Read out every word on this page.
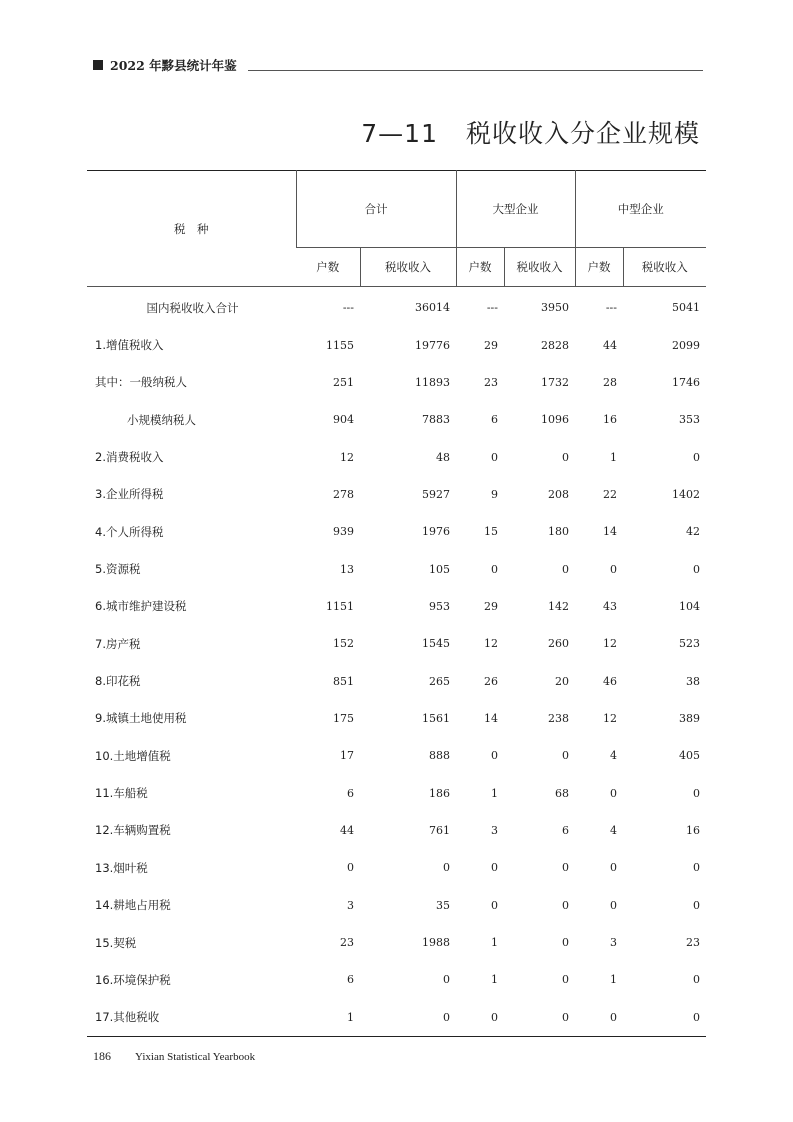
2022 年黟县统计年鉴
7—11 税收收入分企业规模
税　种	合计		大型企业		中型企业	
	户数	税收收入	户数	税收收入	户数	税收收入
国内税收收入合计	---	36014	---	3950	---	5041
1.增值税收入	1155	19776	29	2828	44	2099
其中：一般纳税人	251	11893	23	1732	28	1746
小规模纳税人	904	7883	6	1096	16	353
2.消费税收入	12	48	0	0	1	0
3.企业所得税	278	5927	9	208	22	1402
4.个人所得税	939	1976	15	180	14	42
5.资源税	13	105	0	0	0	0
6.城市维护建设税	1151	953	29	142	43	104
7.房产税	152	1545	12	260	12	523
8.印花税	851	265	26	20	46	38
9.城镇土地使用税	175	1561	14	238	12	389
10.土地增值税	17	888	0	0	4	405
11.车船税	6	186	1	68	0	0
12.车辆购置税	44	761	3	6	4	16
13.烟叶税	0	0	0	0	0	0
14.耕地占用税	3	35	0	0	0	0
15.契税	23	1988	1	0	3	23
16.环境保护税	6	0	1	0	1	0
17.其他税收	1	0	0	0	0	0
186 Yixian Statistical Yearbook
